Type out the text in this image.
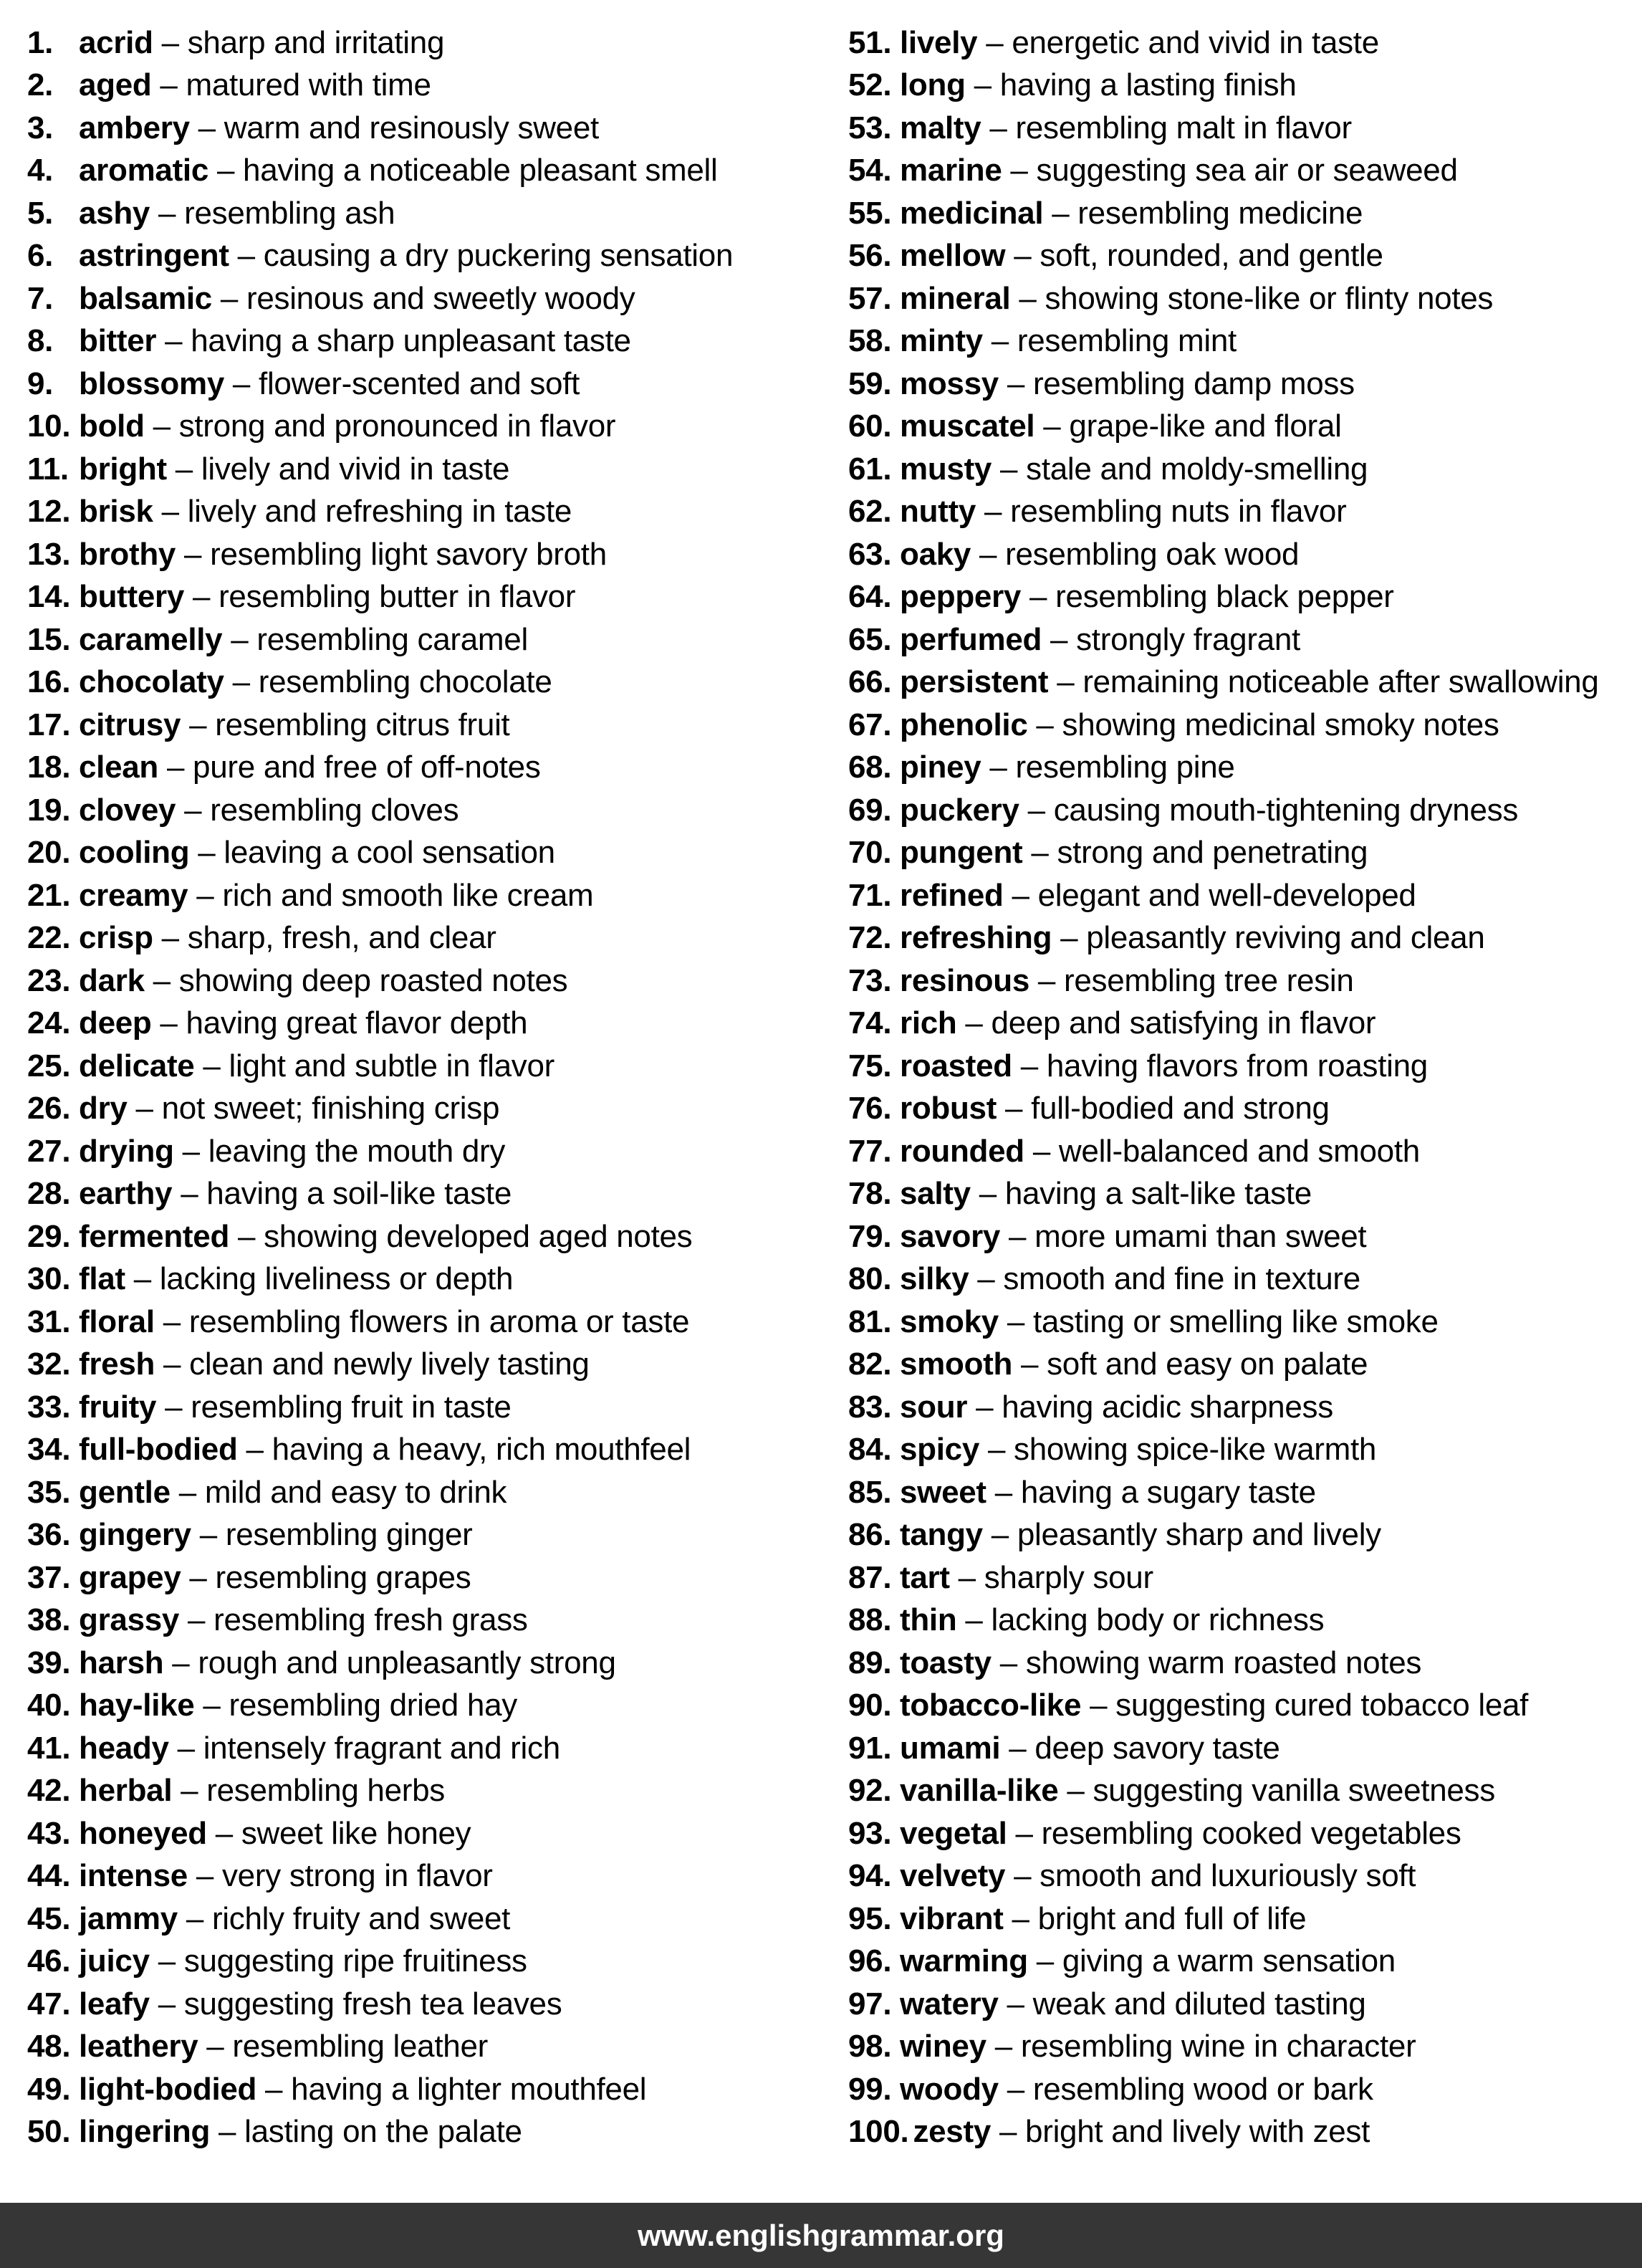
1. acrid – sharp and irritating
2. aged – matured with time
3. ambery – warm and resinously sweet
4. aromatic – having a noticeable pleasant smell
5. ashy – resembling ash
6. astringent – causing a dry puckering sensation
7. balsamic – resinous and sweetly woody
8. bitter – having a sharp unpleasant taste
9. blossomy – flower-scented and soft
10. bold – strong and pronounced in flavor
11. bright – lively and vivid in taste
12. brisk – lively and refreshing in taste
13. brothy – resembling light savory broth
14. buttery – resembling butter in flavor
15. caramelly – resembling caramel
16. chocolaty – resembling chocolate
17. citrusy – resembling citrus fruit
18. clean – pure and free of off-notes
19. clovey – resembling cloves
20. cooling – leaving a cool sensation
21. creamy – rich and smooth like cream
22. crisp – sharp, fresh, and clear
23. dark – showing deep roasted notes
24. deep – having great flavor depth
25. delicate – light and subtle in flavor
26. dry – not sweet; finishing crisp
27. drying – leaving the mouth dry
28. earthy – having a soil-like taste
29. fermented – showing developed aged notes
30. flat – lacking liveliness or depth
31. floral – resembling flowers in aroma or taste
32. fresh – clean and newly lively tasting
33. fruity – resembling fruit in taste
34. full-bodied – having a heavy, rich mouthfeel
35. gentle – mild and easy to drink
36. gingery – resembling ginger
37. grapey – resembling grapes
38. grassy – resembling fresh grass
39. harsh – rough and unpleasantly strong
40. hay-like – resembling dried hay
41. heady – intensely fragrant and rich
42. herbal – resembling herbs
43. honeyed – sweet like honey
44. intense – very strong in flavor
45. jammy – richly fruity and sweet
46. juicy – suggesting ripe fruitiness
47. leafy – suggesting fresh tea leaves
48. leathery – resembling leather
49. light-bodied – having a lighter mouthfeel
50. lingering – lasting on the palate
51. lively – energetic and vivid in taste
52. long – having a lasting finish
53. malty – resembling malt in flavor
54. marine – suggesting sea air or seaweed
55. medicinal – resembling medicine
56. mellow – soft, rounded, and gentle
57. mineral – showing stone-like or flinty notes
58. minty – resembling mint
59. mossy – resembling damp moss
60. muscatel – grape-like and floral
61. musty – stale and moldy-smelling
62. nutty – resembling nuts in flavor
63. oaky – resembling oak wood
64. peppery – resembling black pepper
65. perfumed – strongly fragrant
66. persistent – remaining noticeable after swallowing
67. phenolic – showing medicinal smoky notes
68. piney – resembling pine
69. puckery – causing mouth-tightening dryness
70. pungent – strong and penetrating
71. refined – elegant and well-developed
72. refreshing – pleasantly reviving and clean
73. resinous – resembling tree resin
74. rich – deep and satisfying in flavor
75. roasted – having flavors from roasting
76. robust – full-bodied and strong
77. rounded – well-balanced and smooth
78. salty – having a salt-like taste
79. savory – more umami than sweet
80. silky – smooth and fine in texture
81. smoky – tasting or smelling like smoke
82. smooth – soft and easy on palate
83. sour – having acidic sharpness
84. spicy – showing spice-like warmth
85. sweet – having a sugary taste
86. tangy – pleasantly sharp and lively
87. tart – sharply sour
88. thin – lacking body or richness
89. toasty – showing warm roasted notes
90. tobacco-like – suggesting cured tobacco leaf
91. umami – deep savory taste
92. vanilla-like – suggesting vanilla sweetness
93. vegetal – resembling cooked vegetables
94. velvety – smooth and luxuriously soft
95. vibrant – bright and full of life
96. warming – giving a warm sensation
97. watery – weak and diluted tasting
98. winey – resembling wine in character
99. woody – resembling wood or bark
100. zesty – bright and lively with zest
www.englishgrammar.org
